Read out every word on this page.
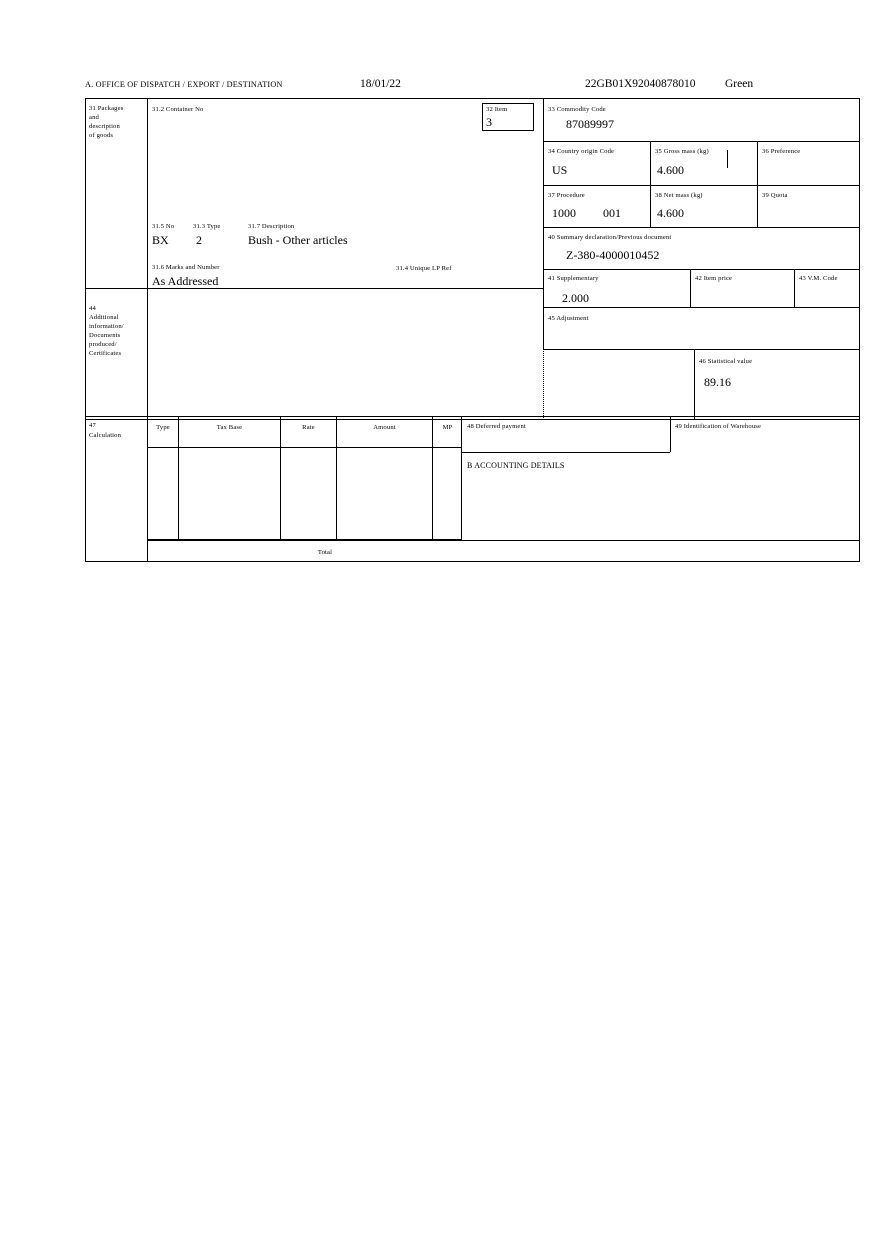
A. OFFICE OF DISPATCH / EXPORT / DESTINATION	18/01/22	22GB01X92040878010	Green
31 Packages
and
description
of goods
31.2 Container No	32 Item
3
33 Commodity Code
87089997
34 Country origin Code
US
35 Gross mass (kg)
4.600
36 Preference
37 Procedure
1000 001
38 Net mass (kg)
4.600
39 Quota
40 Summary declaration/Previous document
Z-380-4000010452
41 Supplementary
2.000
42 Item price	43 V.M. Code
45 Adjustment
46 Statistical value
89.16
31.5 No
BX
31.3 Type
2
31.7 Description
Bush - Other articles
31.6 Marks and Number
As Addressed
31.4 Unique LP Ref
44
Additional
information/
Documents
produced/
Certificates
47
Calculation
Type	Tax Base	Rate	Amount	MP
Total
48 Deferred payment	49 Identification of Warehouse
B ACCOUNTING DETAILS
